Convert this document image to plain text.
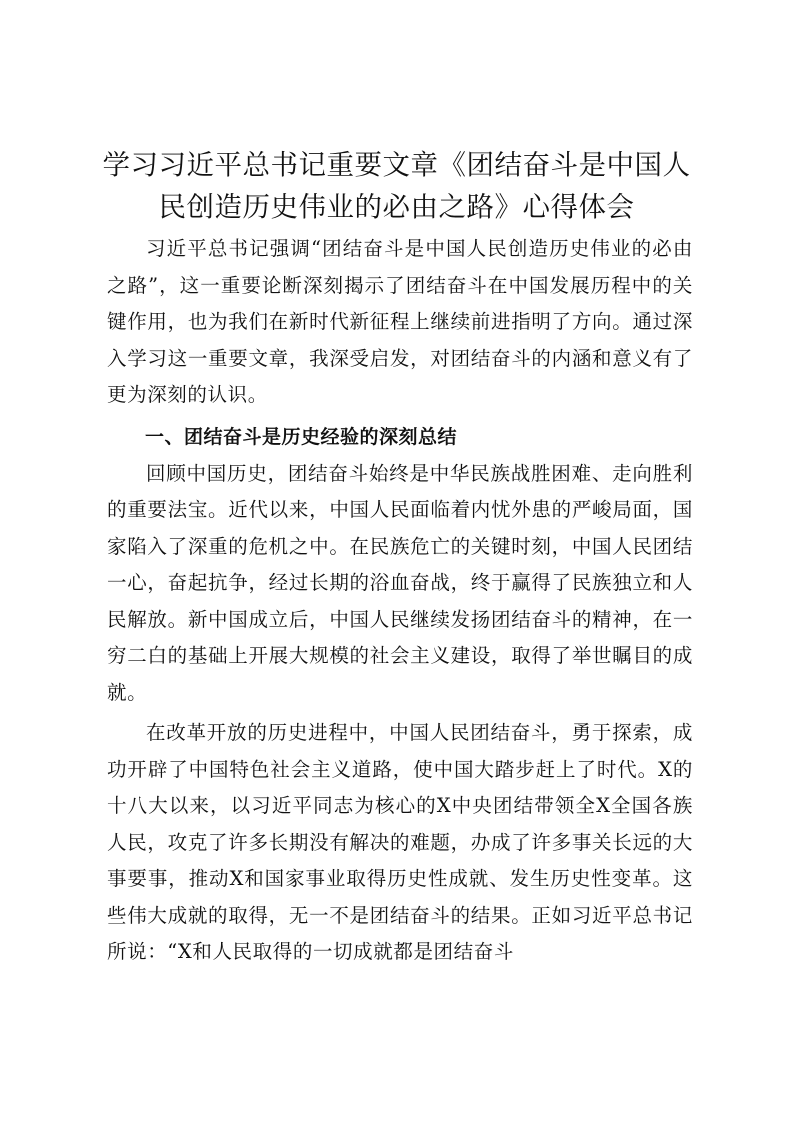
学习习近平总书记重要文章《团结奋斗是中国人民创造历史伟业的必由之路》心得体会

习近平总书记强调“团结奋斗是中国人民创造历史伟业的必由之路”，这一重要论断深刻揭示了团结奋斗在中国发展历程中的关键作用，也为我们在新时代新征程上继续前进指明了方向。通过深入学习这一重要文章，我深受启发，对团结奋斗的内涵和意义有了更为深刻的认识。

一、团结奋斗是历史经验的深刻总结

回顾中国历史，团结奋斗始终是中华民族战胜困难、走向胜利的重要法宝。近代以来，中国人民面临着内忧外患的严峻局面，国家陷入了深重的危机之中。在民族危亡的关键时刻，中国人民团结一心，奋起抗争，经过长期的浴血奋战，终于赢得了民族独立和人民解放。新中国成立后，中国人民继续发扬团结奋斗的精神，在一穷二白的基础上开展大规模的社会主义建设，取得了举世瞩目的成就。

在改革开放的历史进程中，中国人民团结奋斗，勇于探索，成功开辟了中国特色社会主义道路，使中国大踏步赶上了时代。X的十八大以来，以习近平同志为核心的X中央团结带领全X全国各族人民，攻克了许多长期没有解决的难题，办成了许多事关长远的大事要事，推动X和国家事业取得历史性成就、发生历史性变革。这些伟大成就的取得，无一不是团结奋斗的结果。正如习近平总书记所说：“X和人民取得的一切成就都是团结奋斗
